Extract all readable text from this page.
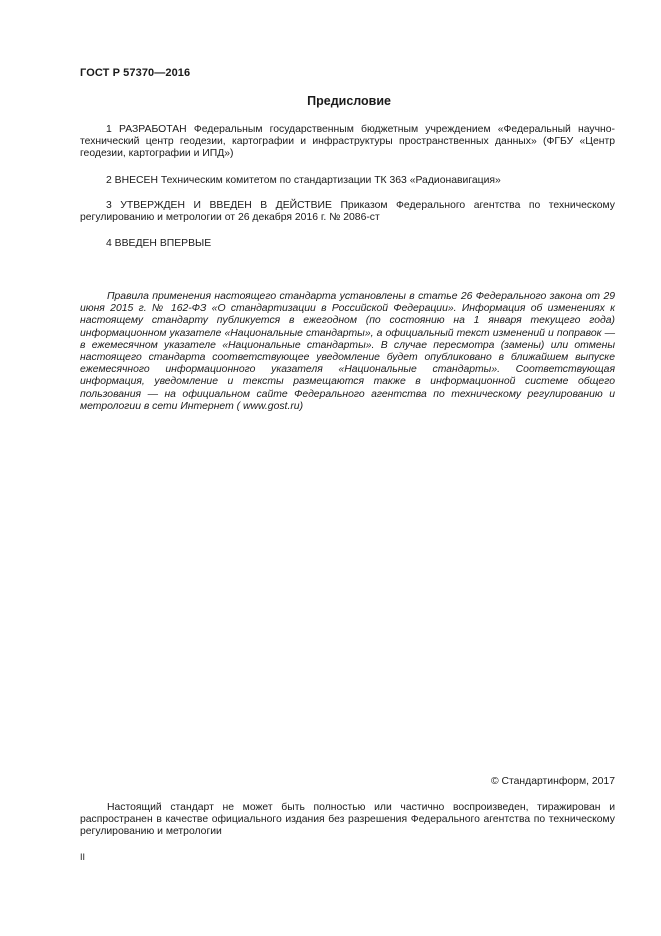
ГОСТ Р 57370—2016
Предисловие
1 РАЗРАБОТАН Федеральным государственным бюджетным учреждением «Федеральный научно-технический центр геодезии, картографии и инфраструктуры пространственных данных» (ФГБУ «Центр геодезии, картографии и ИПД»)
2 ВНЕСЕН Техническим комитетом по стандартизации ТК 363 «Радионавигация»
3 УТВЕРЖДЕН И ВВЕДЕН В ДЕЙСТВИЕ Приказом Федерального агентства по техническому регулированию и метрологии от 26 декабря 2016 г. № 2086-ст
4 ВВЕДЕН ВПЕРВЫЕ
Правила применения настоящего стандарта установлены в статье 26 Федерального закона от 29 июня 2015 г. № 162-ФЗ «О стандартизации в Российской Федерации». Информация об изменениях к настоящему стандарту публикуется в ежегодном (по состоянию на 1 января текущего года) информационном указателе «Национальные стандарты», а официальный текст изменений и поправок — в ежемесячном указателе «Национальные стандарты». В случае пересмотра (замены) или отмены настоящего стандарта соответствующее уведомление будет опубликовано в ближайшем выпуске ежемесячного информационного указателя «Национальные стандарты». Соответствующая информация, уведомление и тексты размещаются также в информационной системе общего пользования — на официальном сайте Федерального агентства по техническому регулированию и метрологии в сети Интернет ( www.gost.ru)
© Стандартинформ, 2017
Настоящий стандарт не может быть полностью или частично воспроизведен, тиражирован и распространен в качестве официального издания без разрешения Федерального агентства по техническому регулированию и метрологии
II
